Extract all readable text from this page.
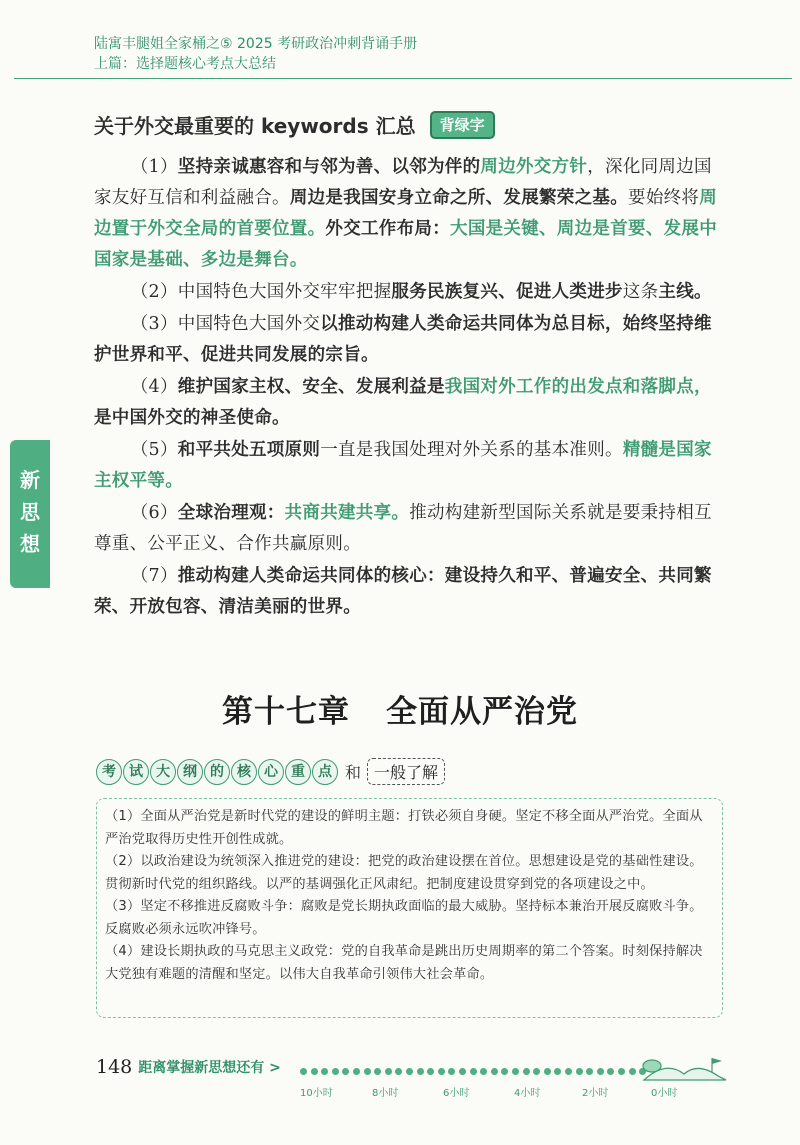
陆寓丰腿姐全家桶之⑤ 2025 考研政治冲刺背诵手册
上篇：选择题核心考点大总结
新
思
想
关于外交最重要的 keywords 汇总	背绿字

（1）坚持亲诚惠容和与邻为善、以邻为伴的周边外交方针，深化同周边国家友好互信和利益融合。周边是我国安身立命之所、发展繁荣之基。要始终将周边置于外交全局的首要位置。外交工作布局：大国是关键、周边是首要、发展中国家是基础、多边是舞台。

（2）中国特色大国外交牢牢把握服务民族复兴、促进人类进步这条主线。

（3）中国特色大国外交以推动构建人类命运共同体为总目标，始终坚持维护世界和平、促进共同发展的宗旨。

（4）维护国家主权、安全、发展利益是我国对外工作的出发点和落脚点，是中国外交的神圣使命。

（5）和平共处五项原则一直是我国处理对外关系的基本准则。精髓是国家主权平等。

（6）全球治理观：共商共建共享。推动构建新型国际关系就是要秉持相互尊重、公平正义、合作共赢原则。

（7）推动构建人类命运共同体的核心：建设持久和平、普遍安全、共同繁荣、开放包容、清洁美丽的世界。

第十七章 全面从严治党
考 试 大 纲 的 核 心 重 点 和 一般了解
（1）全面从严治党是新时代党的建设的鲜明主题：打铁必须自身硬。坚定不移全面从严治党。全面从严治党取得历史性开创性成就。
（2）以政治建设为统领深入推进党的建设：把党的政治建设摆在首位。思想建设是党的基础性建设。贯彻新时代党的组织路线。以严的基调强化正风肃纪。把制度建设贯穿到党的各项建设之中。
（3）坚定不移推进反腐败斗争：腐败是党长期执政面临的最大威胁。坚持标本兼治开展反腐败斗争。反腐败必须永远吹冲锋号。
（4）建设长期执政的马克思主义政党：党的自我革命是跳出历史周期率的第二个答案。时刻保持解决大党独有难题的清醒和坚定。以伟大自我革命引领伟大社会革命。
148 距离掌握新思想还有 >
10小时	8小时	6小时	4小时	2小时	0小时
